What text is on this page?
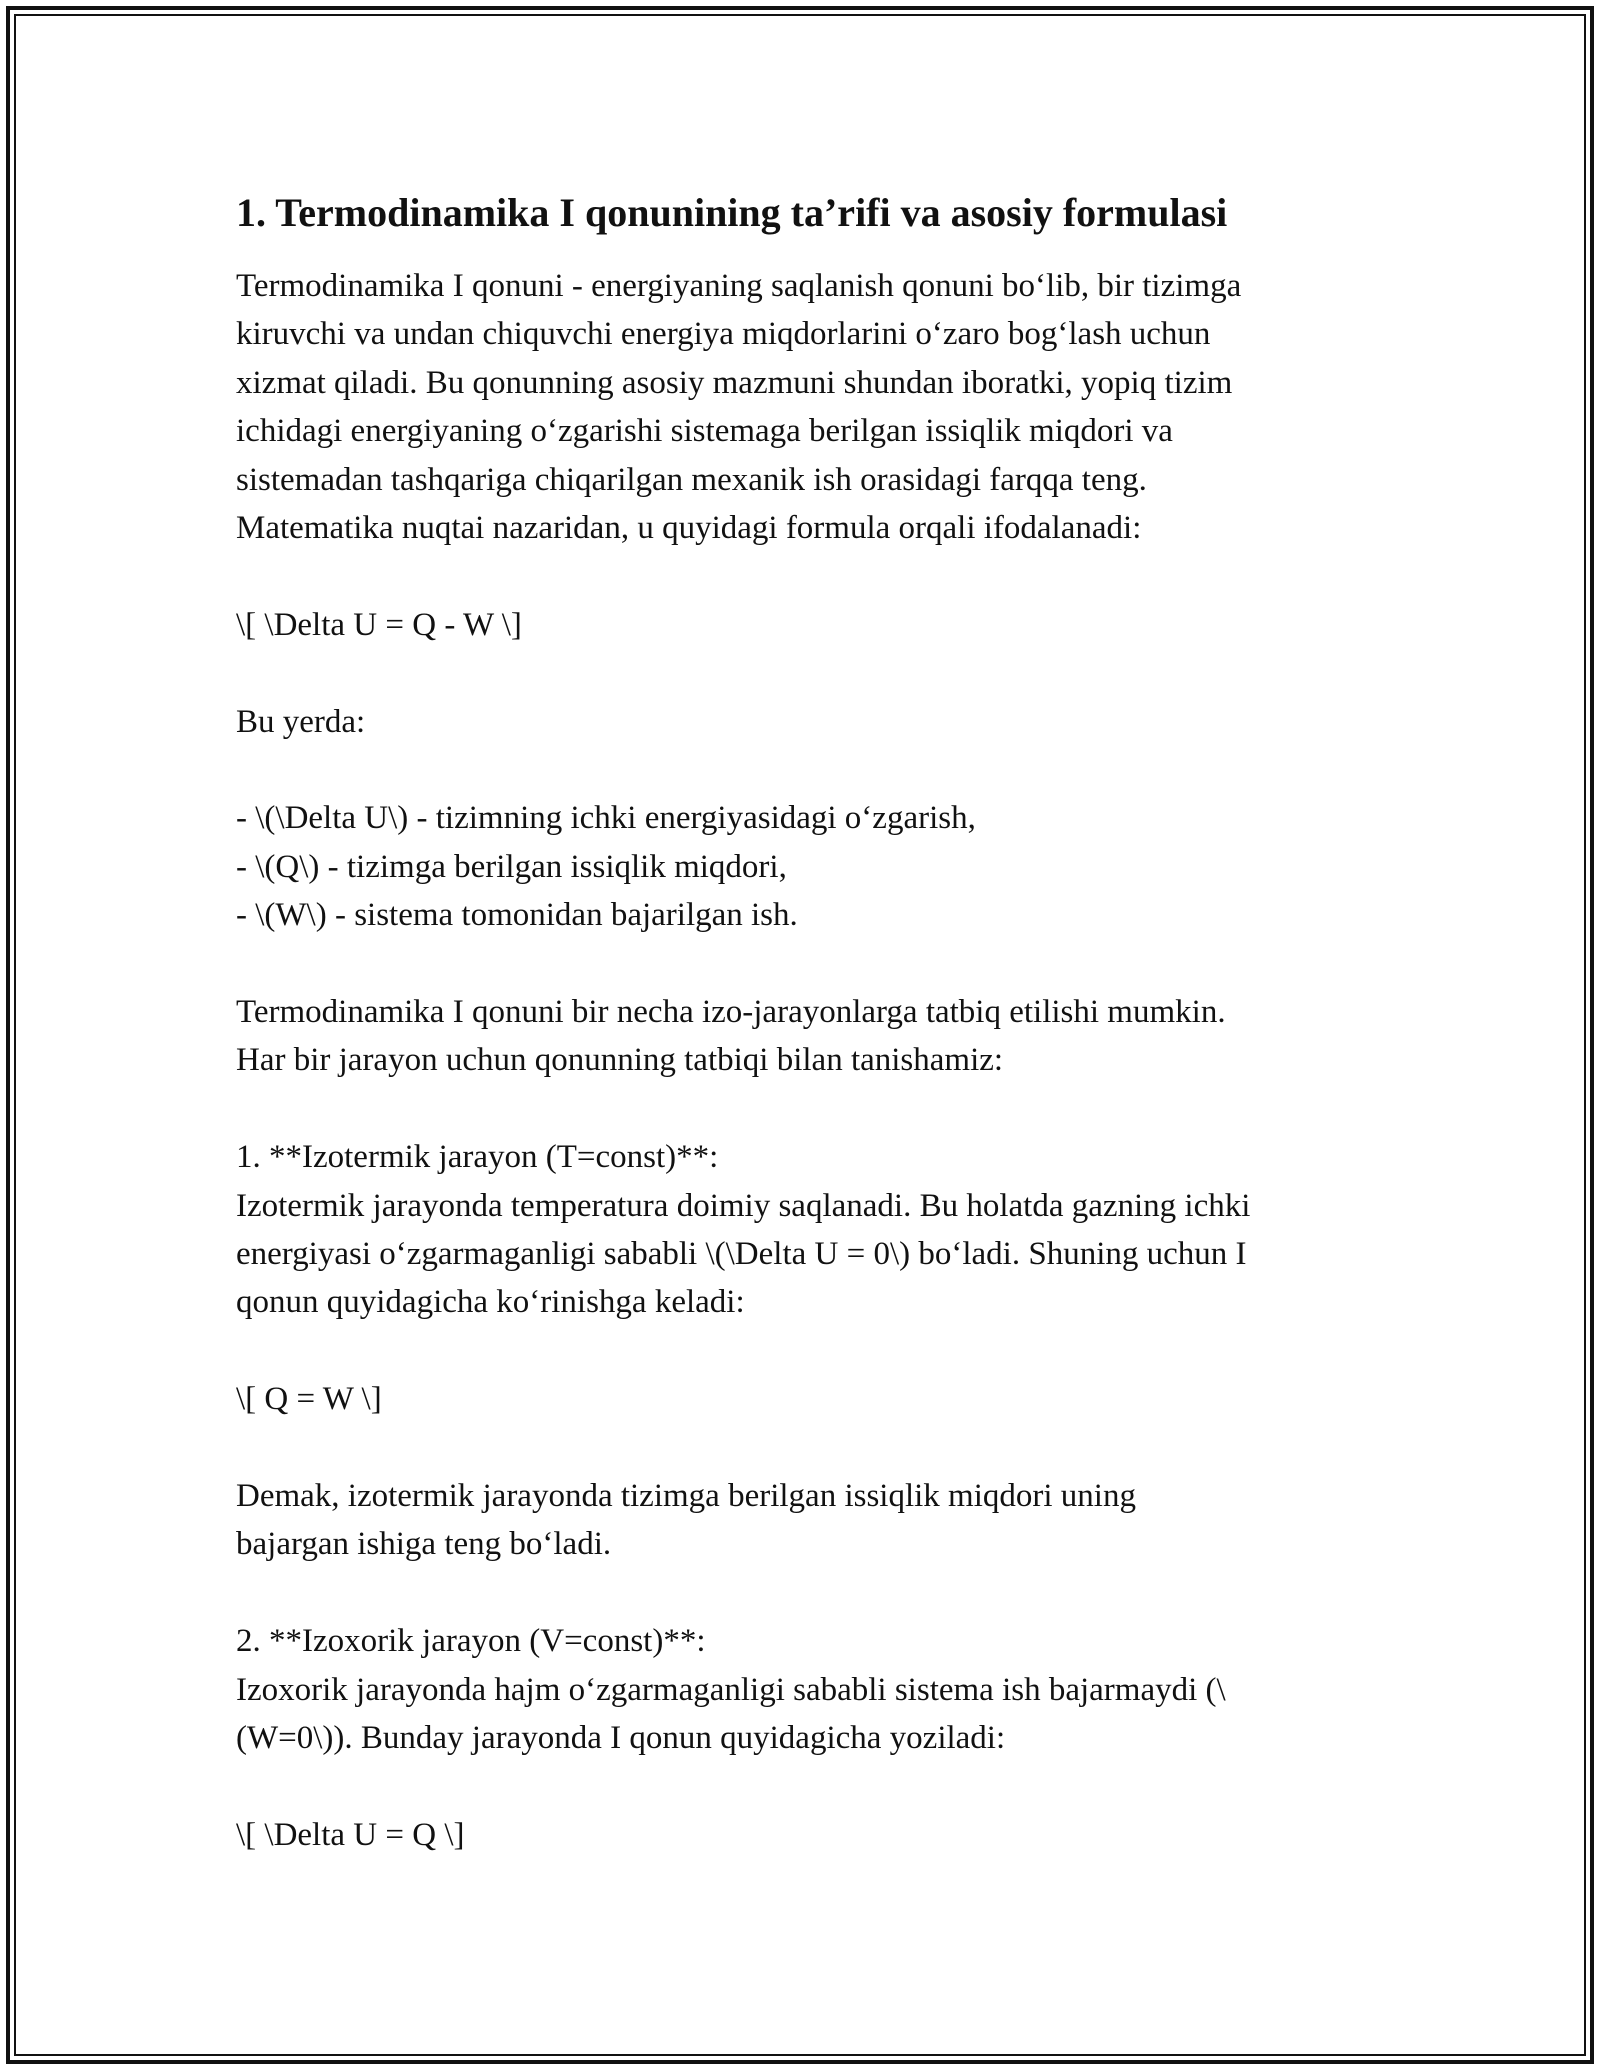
1. Termodinamika I qonunining ta’rifi va asosiy formulasi

Termodinamika I qonuni - energiyaning saqlanish qonuni bo‘lib, bir tizimga
kiruvchi va undan chiquvchi energiya miqdorlarini o‘zaro bog‘lash uchun
xizmat qiladi. Bu qonunning asosiy mazmuni shundan iboratki, yopiq tizim
ichidagi energiyaning o‘zgarishi sistemaga berilgan issiqlik miqdori va
sistemadan tashqariga chiqarilgan mexanik ish orasidagi farqqa teng.
Matematika nuqtai nazaridan, u quyidagi formula orqali ifodalanadi:

\[ \Delta U = Q - W \]

Bu yerda:

- \(\Delta U\) - tizimning ichki energiyasidagi o‘zgarish,
- \(Q\) - tizimga berilgan issiqlik miqdori,
- \(W\) - sistema tomonidan bajarilgan ish.

Termodinamika I qonuni bir necha izo-jarayonlarga tatbiq etilishi mumkin.
Har bir jarayon uchun qonunning tatbiqi bilan tanishamiz:

1. **Izotermik jarayon (T=const)**:
Izotermik jarayonda temperatura doimiy saqlanadi. Bu holatda gazning ichki
energiyasi o‘zgarmaganligi sababli \(\Delta U = 0\) bo‘ladi. Shuning uchun I
qonun quyidagicha ko‘rinishga keladi:

\[ Q = W \]

Demak, izotermik jarayonda tizimga berilgan issiqlik miqdori uning
bajargan ishiga teng bo‘ladi.

2. **Izoxorik jarayon (V=const)**:
Izoxorik jarayonda hajm o‘zgarmaganligi sababli sistema ish bajarmaydi (\
(W=0\)). Bunday jarayonda I qonun quyidagicha yoziladi:

\[ \Delta U = Q \]
